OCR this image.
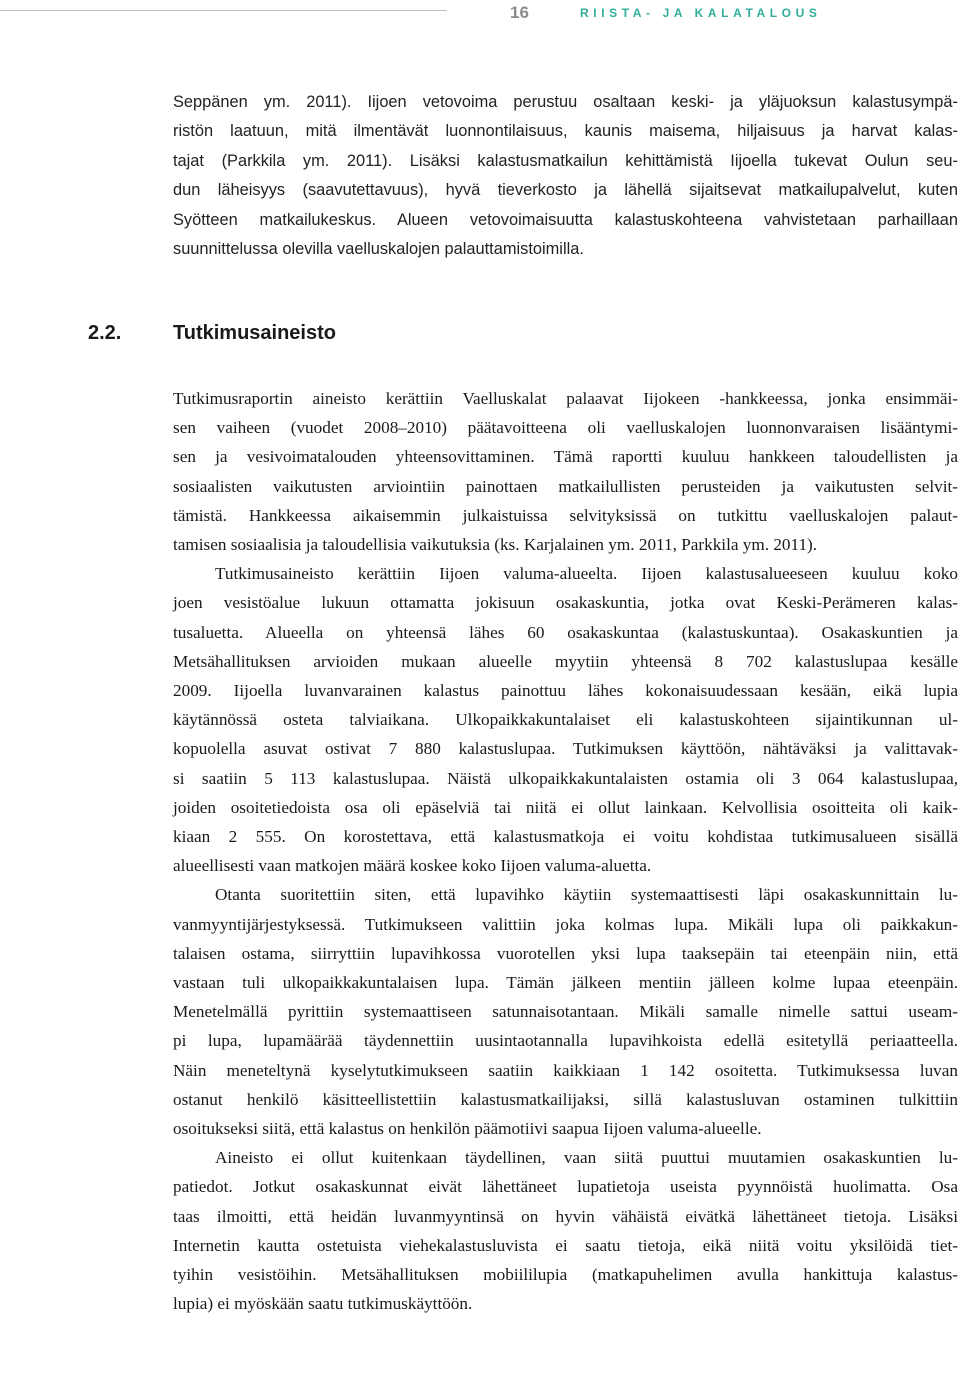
16	RIISTA- JA KALATALOUS
Seppänen ym. 2011). Iijoen vetovoima perustuu osaltaan keski- ja yläjuoksun kalastusympä-
ristön laatuun, mitä ilmentävät luonnontilaisuus, kaunis maisema, hiljaisuus ja harvat kalas-
tajat (Parkkila ym. 2011). Lisäksi kalastusmatkailun kehittämistä Iijoella tukevat Oulun seu-
dun läheisyys (saavutettavuus), hyvä tieverkosto ja lähellä sijaitsevat matkailupalvelut, kuten
Syötteen matkailukeskus. Alueen vetovoimaisuutta kalastuskohteena vahvistetaan parhaillaan
suunnittelussa olevilla vaelluskalojen palauttamistoimilla.
2.2.	Tutkimusaineisto

Tutkimusraportin aineisto kerättiin Vaelluskalat palaavat Iijokeen -hankkeessa, jonka ensimmäi-
sen vaiheen (vuodet 2008–2010) päätavoitteena oli vaelluskalojen luonnonvaraisen lisääntymi-
sen ja vesivoimatalouden yhteensovittaminen. Tämä raportti kuuluu hankkeen taloudellisten ja
sosiaalisten vaikutusten arviointiin painottaen matkailullisten perusteiden ja vaikutusten selvit-
tämistä. Hankkeessa aikaisemmin julkaistuissa selvityksissä on tutkittu vaelluskalojen palaut-
tamisen sosiaalisia ja taloudellisia vaikutuksia (ks. Karjalainen ym. 2011, Parkkila ym. 2011).

Tutkimusaineisto kerättiin Iijoen valuma-alueelta. Iijoen kalastusalueeseen kuuluu koko
joen vesistöalue lukuun ottamatta jokisuun osakaskuntia, jotka ovat Keski-Perämeren kalas-
tusaluetta. Alueella on yhteensä lähes 60 osakaskuntaa (kalastuskuntaa). Osakaskuntien ja
Metsähallituksen arvioiden mukaan alueelle myytiin yhteensä 8 702 kalastuslupaa kesälle
2009. Iijoella luvanvarainen kalastus painottuu lähes kokonaisuudessaan kesään, eikä lupia
käytännössä osteta talviaikana. Ulkopaikkakuntalaiset eli kalastuskohteen sijaintikunnan ul-
kopuolella asuvat ostivat 7 880 kalastuslupaa. Tutkimuksen käyttöön, nähtäväksi ja valittavak-
si saatiin 5 113 kalastuslupaa. Näistä ulkopaikkakuntalaisten ostamia oli 3 064 kalastuslupaa,
joiden osoitetiedoista osa oli epäselviä tai niitä ei ollut lainkaan. Kelvollisia osoitteita oli kaik-
kiaan 2 555. On korostettava, että kalastusmatkoja ei voitu kohdistaa tutkimusalueen sisällä
alueellisesti vaan matkojen määrä koskee koko Iijoen valuma-aluetta.

Otanta suoritettiin siten, että lupavihko käytiin systemaattisesti läpi osakaskunnittain lu-
vanmyyntijärjestyksessä. Tutkimukseen valittiin joka kolmas lupa. Mikäli lupa oli paikkakun-
talaisen ostama, siirryttiin lupavihkossa vuorotellen yksi lupa taaksepäin tai eteenpäin niin, että
vastaan tuli ulkopaikkakuntalaisen lupa. Tämän jälkeen mentiin jälleen kolme lupaa eteenpäin.
Menetelmällä pyrittiin systemaattiseen satunnaisotantaan. Mikäli samalle nimelle sattui useam-
pi lupa, lupamäärää täydennettiin uusintaotannalla lupavihkoista edellä esitetyllä periaatteella.
Näin meneteltynä kyselytutkimukseen saatiin kaikkiaan 1 142 osoitetta. Tutkimuksessa luvan
ostanut henkilö käsitteellistettiin kalastusmatkailijaksi, sillä kalastusluvan ostaminen tulkittiin
osoitukseksi siitä, että kalastus on henkilön päämotiivi saapua Iijoen valuma-alueelle.

Aineisto ei ollut kuitenkaan täydellinen, vaan siitä puuttui muutamien osakaskuntien lu-
patiedot. Jotkut osakaskunnat eivät lähettäneet lupatietoja useista pyynnöistä huolimatta. Osa
taas ilmoitti, että heidän luvanmyyntinsä on hyvin vähäistä eivätkä lähettäneet tietoja. Lisäksi
Internetin kautta ostetuista viehekalastusluvista ei saatu tietoja, eikä niitä voitu yksilöidä tiet-
tyihin vesistöihin. Metsähallituksen mobiililupia (matkapuhelimen avulla hankittuja kalastus-
lupia) ei myöskään saatu tutkimuskäyttöön.
